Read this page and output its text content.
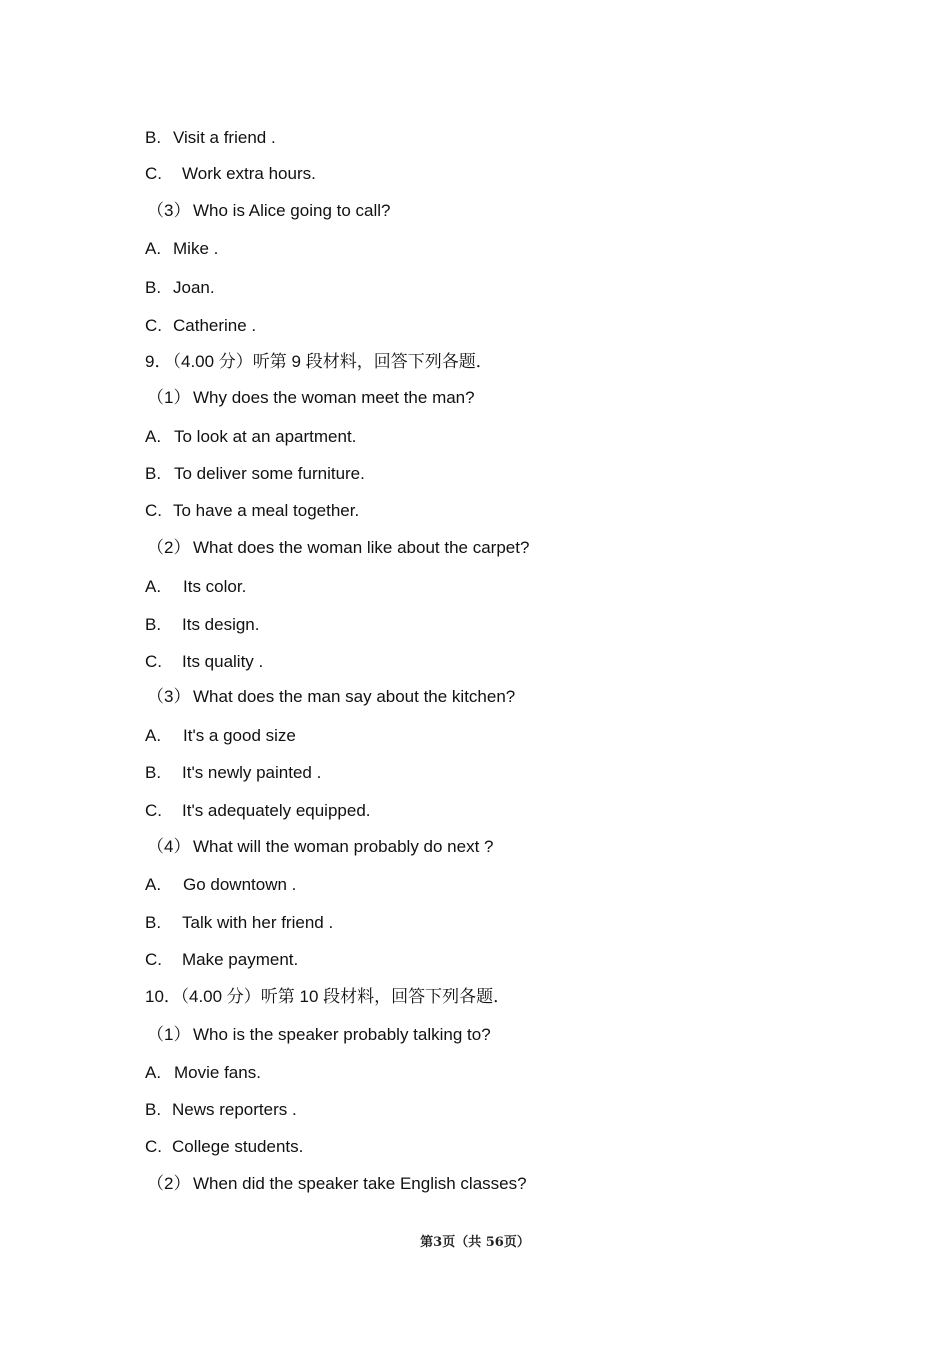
B. Visit a friend .
C. Work extra hours.
（3） Who is Alice going to call?
A. Mike .
B. Joan.
C. Catherine .
9．
（4.00 分）听第 9 段材料，回答下列各题．
（1） Why does the woman meet the man?
A. To look at an apartment.
B. To deliver some furniture.
C. To have a meal together.
（2） What does the woman like about the carpet?
A. Its color.
B. Its design.
C. Its quality .
（3） What does the man say about the kitchen?
A. It's a good size
B. It's newly painted .
C. It's adequately equipped.
（4） What will the woman probably do next ?
A. Go downtown .
B. Talk with her friend .
C. Make payment.
10．
（4.00 分）听第 10 段材料，回答下列各题．
（1） Who is the speaker probably talking to?
A. Movie fans.
B. News reporters .
C. College students.
（2） When did the speaker take English classes?
第3页（共 56页）
